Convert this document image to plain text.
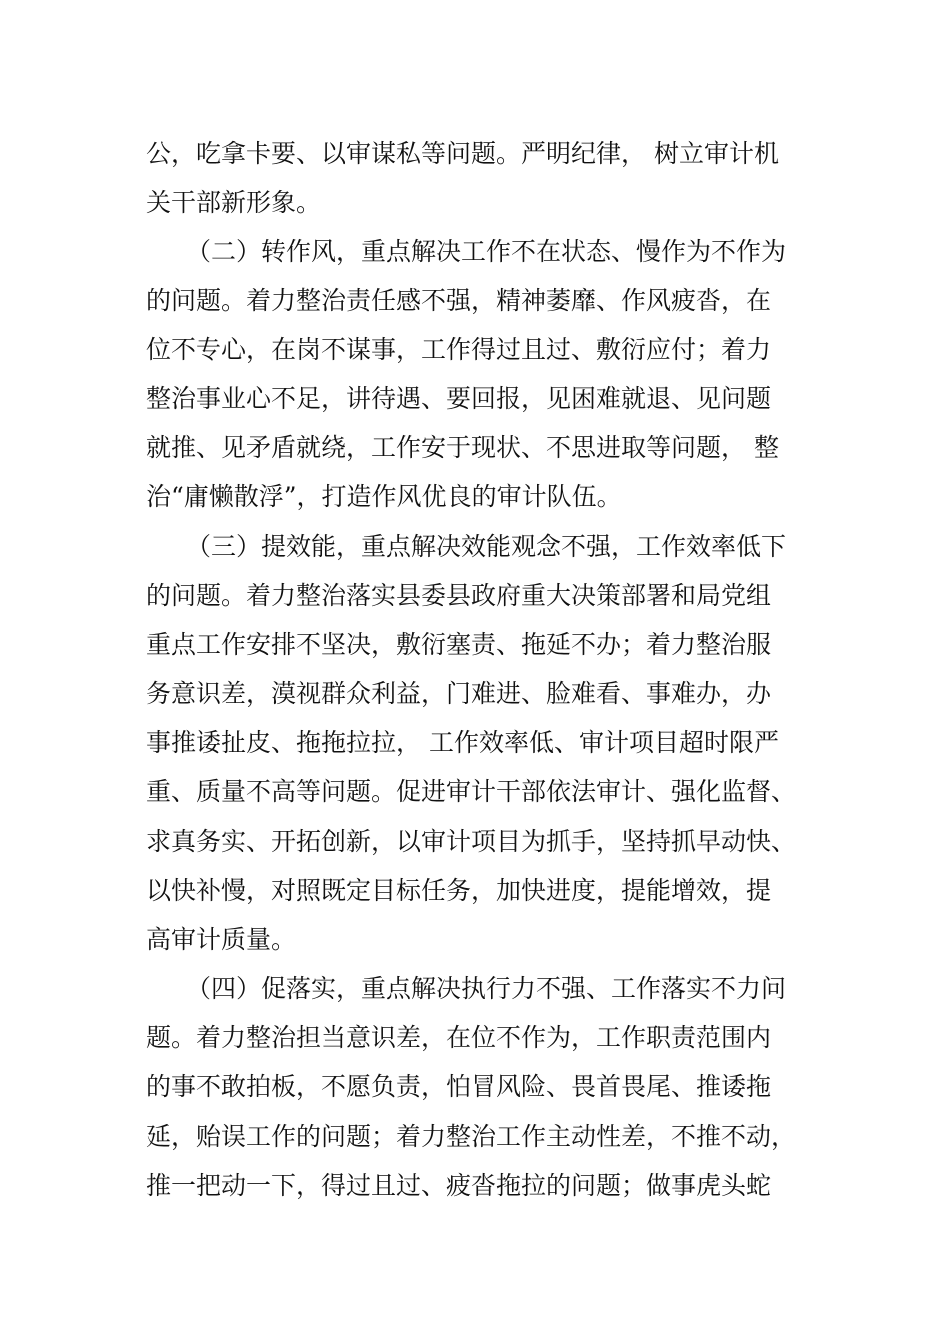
公，吃拿卡要、以审谋私等问题。严明纪律， 树立审计机
关干部新形象。
（二）转作风，重点解决工作不在状态、慢作为不作为
的问题。着力整治责任感不强，精神萎靡、作风疲沓，在
位不专心，在岗不谋事，工作得过且过、敷衍应付；着力
整治事业心不足，讲待遇、要回报，见困难就退、见问题
就推、见矛盾就绕，工作安于现状、不思进取等问题， 整
治“庸懒散浮”，打造作风优良的审计队伍。
（三）提效能，重点解决效能观念不强，工作效率低下
的问题。着力整治落实县委县政府重大决策部署和局党组
重点工作安排不坚决，敷衍塞责、拖延不办；着力整治服
务意识差，漠视群众利益，门难进、脸难看、事难办，办
事推诿扯皮、拖拖拉拉， 工作效率低、审计项目超时限严
重、质量不高等问题。促进审计干部依法审计、强化监督、
求真务实、开拓创新，以审计项目为抓手，坚持抓早动快、
以快补慢，对照既定目标任务，加快进度，提能增效，提
高审计质量。
（四）促落实，重点解决执行力不强、工作落实不力问
题。着力整治担当意识差，在位不作为，工作职责范围内
的事不敢拍板，不愿负责，怕冒风险、畏首畏尾、推诿拖
延，贻误工作的问题；着力整治工作主动性差，不推不动，
推一把动一下，得过且过、疲沓拖拉的问题；做事虎头蛇
